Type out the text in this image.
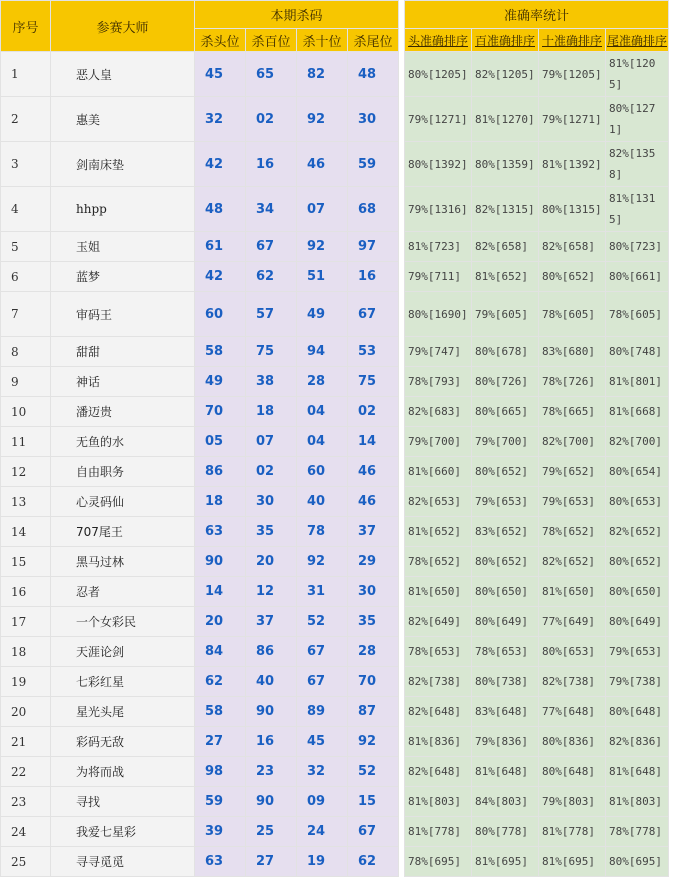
序号	参赛大师	本期杀码					准确率统计			
		杀头位	杀百位	杀十位	杀尾位		头准确排序	百准确排序	十准确排序	尾准确排序
1	恶人皇	45	65	82	48		80%[1205]	82%[1205]	79%[1205]	81%[1205]
2	惠美	32	02	92	30		79%[1271]	81%[1270]	79%[1271]	80%[1271]
3	剑南床垫	42	16	46	59		80%[1392]	80%[1359]	81%[1392]	82%[1358]
4	hhpp	48	34	07	68		79%[1316]	82%[1315]	80%[1315]	81%[1315]
5	玉姐	61	67	92	97		81%[723]	82%[658]	82%[658]	80%[723]
6	蓝梦	42	62	51	16		79%[711]	81%[652]	80%[652]	80%[661]
7	审码王	60	57	49	67		80%[1690]	79%[605]	78%[605]	78%[605]
8	甜甜	58	75	94	53		79%[747]	80%[678]	83%[680]	80%[748]
9	神话	49	38	28	75		78%[793]	80%[726]	78%[726]	81%[801]
10	潘迈贵	70	18	04	02		82%[683]	80%[665]	78%[665]	81%[668]
11	无鱼的水	05	07	04	14		79%[700]	79%[700]	82%[700]	82%[700]
12	自由职务	86	02	60	46		81%[660]	80%[652]	79%[652]	80%[654]
13	心灵码仙	18	30	40	46		82%[653]	79%[653]	79%[653]	80%[653]
14	707尾王	63	35	78	37		81%[652]	83%[652]	78%[652]	82%[652]
15	黑马过林	90	20	92	29		78%[652]	80%[652]	82%[652]	80%[652]
16	忍者	14	12	31	30		81%[650]	80%[650]	81%[650]	80%[650]
17	一个女彩民	20	37	52	35		82%[649]	80%[649]	77%[649]	80%[649]
18	天涯论剑	84	86	67	28		78%[653]	78%[653]	80%[653]	79%[653]
19	七彩红星	62	40	67	70		82%[738]	80%[738]	82%[738]	79%[738]
20	星光头尾	58	90	89	87		82%[648]	83%[648]	77%[648]	80%[648]
21	彩码无敌	27	16	45	92		81%[836]	79%[836]	80%[836]	82%[836]
22	为将而战	98	23	32	52		82%[648]	81%[648]	80%[648]	81%[648]
23	寻找	59	90	09	15		81%[803]	84%[803]	79%[803]	81%[803]
24	我爱七星彩	39	25	24	67		81%[778]	80%[778]	81%[778]	78%[778]
25	寻寻觅觅	63	27	19	62		78%[695]	81%[695]	81%[695]	80%[695]
